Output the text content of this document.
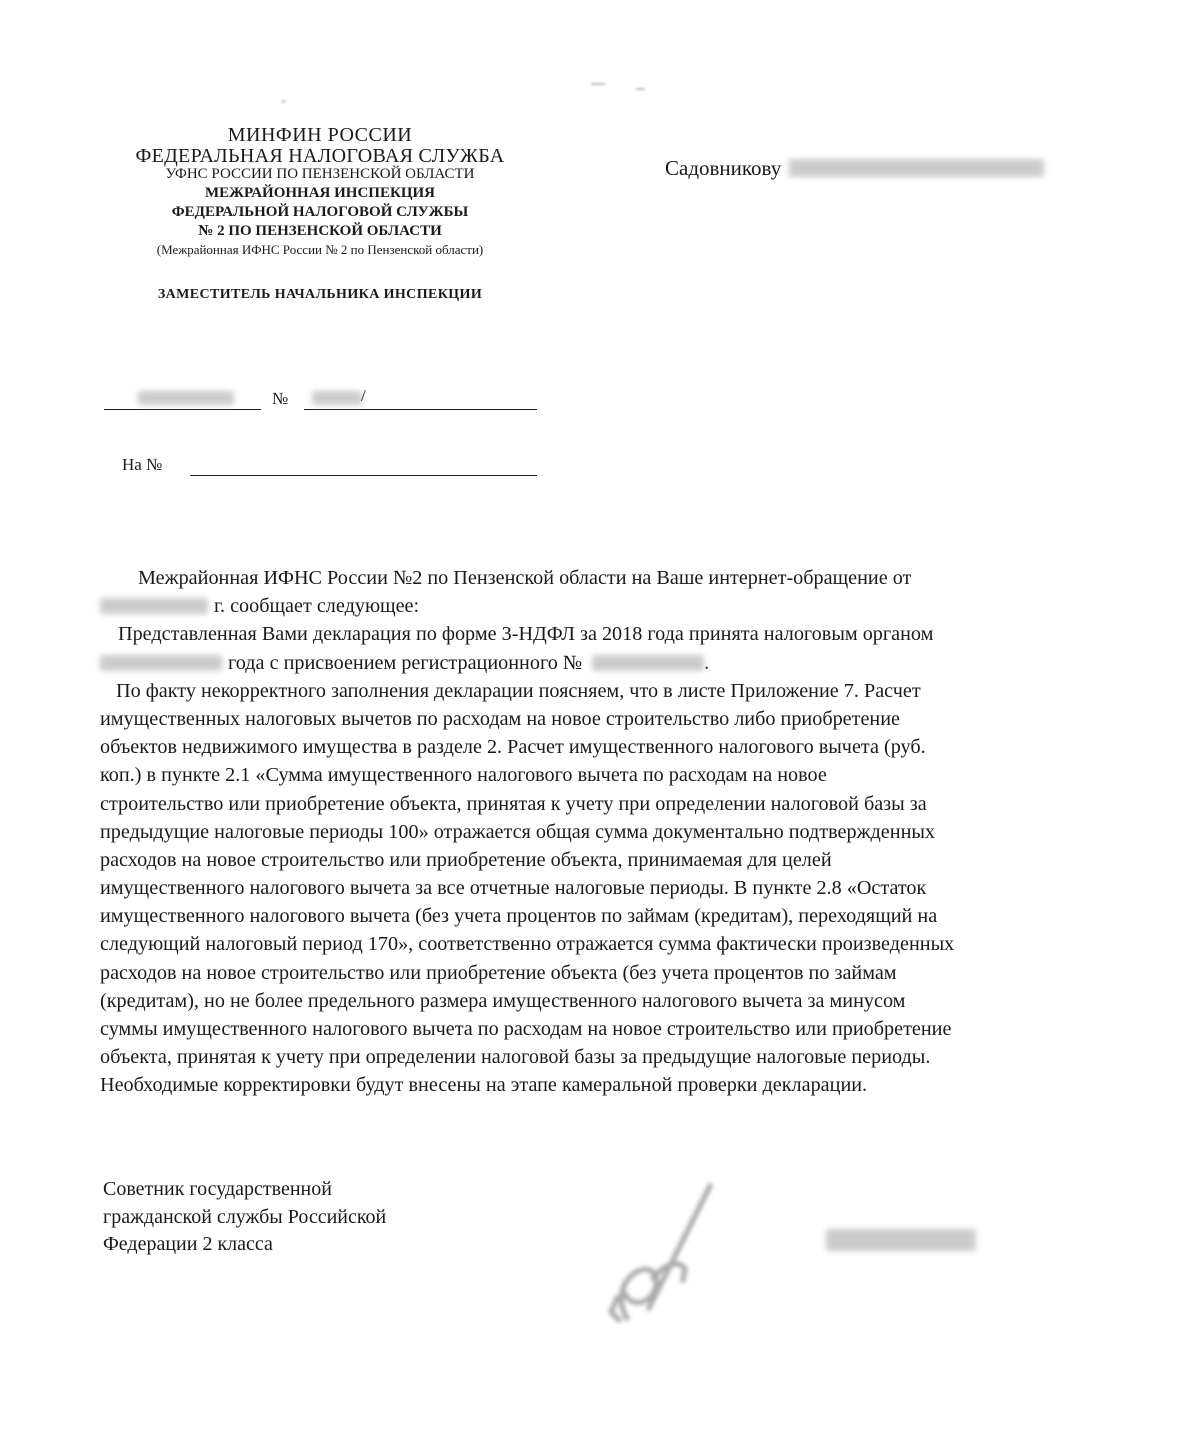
МИНФИН РОССИИ
ФЕДЕРАЛЬНАЯ НАЛОГОВАЯ СЛУЖБА
УФНС РОССИИ ПО ПЕНЗЕНСКОЙ ОБЛАСТИ
МЕЖРАЙОННАЯ ИНСПЕКЦИЯ
ФЕДЕРАЛЬНОЙ НАЛОГОВОЙ СЛУЖБЫ
№ 2 ПО ПЕНЗЕНСКОЙ ОБЛАСТИ
(Межрайонная ИФНС России № 2 по Пензенской области)
ЗАМЕСТИТЕЛЬ НАЧАЛЬНИКА ИНСПЕКЦИИ
Садовникову
№	/
На №
Межрайонная ИФНС России №2 по Пензенской области на Ваше интернет-обращение от
г. сообщает следующее:
Представленная Вами декларация по форме 3-НДФЛ за 2018 года принята налоговым органом
года с присвоением регистрационного №	.
По факту некорректного заполнения декларации поясняем, что в листе Приложение 7. Расчет
имущественных налоговых вычетов по расходам на новое строительство либо приобретение
объектов недвижимого имущества в разделе 2. Расчет имущественного налогового вычета (руб.
коп.) в пункте 2.1 «Сумма имущественного налогового вычета по расходам на новое
строительство или приобретение объекта, принятая к учету при определении налоговой базы за
предыдущие налоговые периоды 100» отражается общая сумма документально подтвержденных
расходов на новое строительство или приобретение объекта, принимаемая для целей
имущественного налогового вычета за все отчетные налоговые периоды. В пункте 2.8 «Остаток
имущественного налогового вычета (без учета процентов по займам (кредитам), переходящий на
следующий налоговый период 170», соответственно отражается сумма фактически произведенных
расходов на новое строительство или приобретение объекта (без учета процентов по займам
(кредитам), но не более предельного размера имущественного налогового вычета за минусом
суммы имущественного налогового вычета по расходам на новое строительство или приобретение
объекта, принятая к учету при определении налоговой базы за предыдущие налоговые периоды.
Необходимые корректировки будут внесены на этапе камеральной проверки декларации.
Советник государственной
гражданской службы Российской
Федерации 2 класса
